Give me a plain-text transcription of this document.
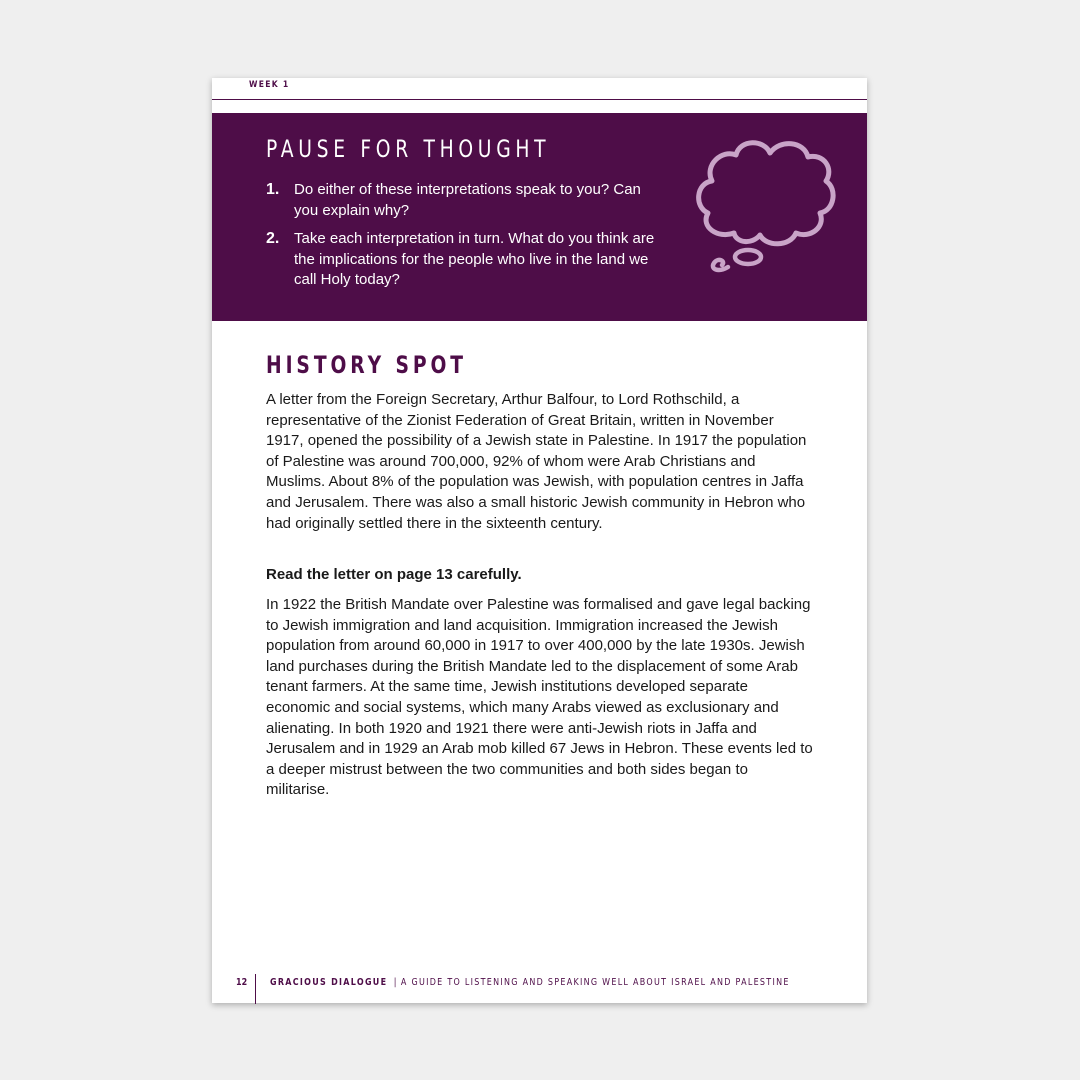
WEEK 1
PAUSE FOR THOUGHT
1. Do either of these interpretations speak to you? Can you explain why?
2. Take each interpretation in turn. What do you think are the implications for the people who live in the land we call Holy today?
HISTORY SPOT

A letter from the Foreign Secretary, Arthur Balfour, to Lord Rothschild, a representative of the Zionist Federation of Great Britain, written in November 1917, opened the possibility of a Jewish state in Palestine. In 1917 the population of Palestine was around 700,000, 92% of whom were Arab Christians and Muslims. About 8% of the population was Jewish, with population centres in Jaffa and Jerusalem. There was also a small historic Jewish community in Hebron who had originally settled there in the sixteenth century.

Read the letter on page 13 carefully.

In 1922 the British Mandate over Palestine was formalised and gave legal backing to Jewish immigration and land acquisition. Immigration increased the Jewish population from around 60,000 in 1917 to over 400,000 by the late 1930s. Jewish land purchases during the British Mandate led to the displacement of some Arab tenant farmers. At the same time, Jewish institutions developed separate economic and social systems, which many Arabs viewed as exclusionary and alienating. In both 1920 and 1921 there were anti-Jewish riots in Jaffa and Jerusalem and in 1929 an Arab mob killed 67 Jews in Hebron. These events led to a deeper mistrust between the two communities and both sides began to militarise.

12 GRACIOUS DIALOGUE | A GUIDE TO LISTENING AND SPEAKING WELL ABOUT ISRAEL AND PALESTINE
